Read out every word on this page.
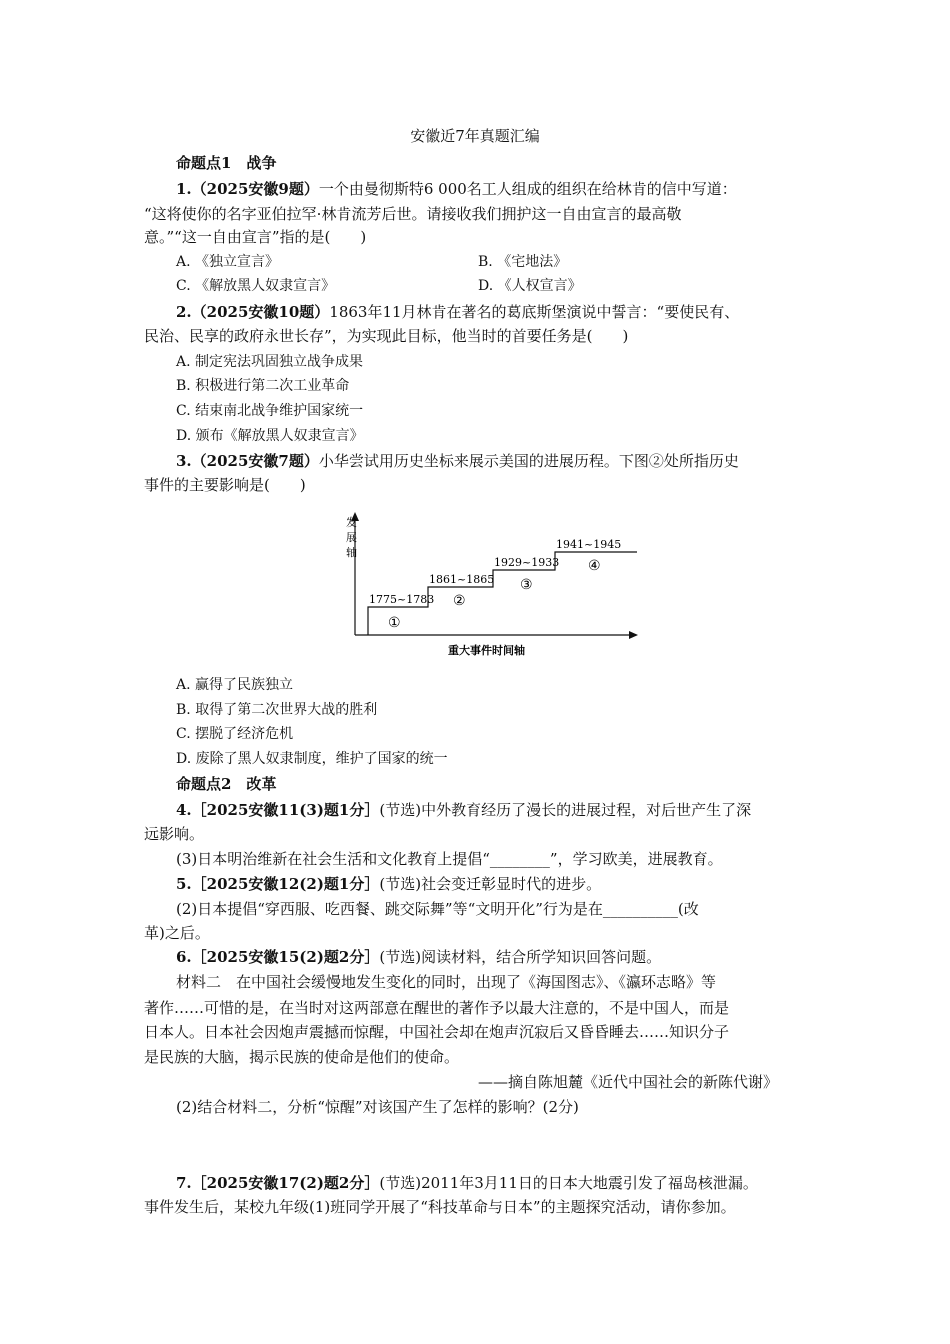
安徽近7年真题汇编
命题点1　战争
1.（2025安徽9题）一个由曼彻斯特6 000名工人组成的组织在给林肯的信中写道：
“这将使你的名字亚伯拉罕·林肯流芳后世。请接收我们拥护这一自由宣言的最高敬
意。”“这一自由宣言”指的是(　　)
A. 《独立宣言》	B. 《宅地法》
C. 《解放黑人奴隶宣言》	D. 《人权宣言》
2.（2025安徽10题）1863年11月林肯在著名的葛底斯堡演说中誓言：“要使民有、
民治、民享的政府永世长存”，为实现此目标，他当时的首要任务是(　　)
A. 制定宪法巩固独立战争成果
B. 积极进行第二次工业革命
C. 结束南北战争维护国家统一
D. 颁布《解放黑人奴隶宣言》
3.（2025安徽7题）小华尝试用历史坐标来展示美国的进展历程。下图②处所指历史
事件的主要影响是(　　)
发
展
轴
1775~1783
1861~1865
1929~1933
1941~1945
①
②
③
④
重大事件时间轴
A. 赢得了民族独立
B. 取得了第二次世界大战的胜利
C. 摆脱了经济危机
D. 废除了黑人奴隶制度，维护了国家的统一
命题点2　改革
4.［2025安徽11(3)题1分］(节选)中外教育经历了漫长的进展过程，对后世产生了深
远影响。
(3)日本明治维新在社会生活和文化教育上提倡“________”，学习欧美，进展教育。
5.［2025安徽12(2)题1分］(节选)社会变迁彰显时代的进步。
(2)日本提倡“穿西服、吃西餐、跳交际舞”等“文明开化”行为是在__________(改
革)之后。
6.［2025安徽15(2)题2分］(节选)阅读材料，结合所学知识回答问题。
材料二　在中国社会缓慢地发生变化的同时，出现了《海国图志》、《瀛环志略》等
著作……可惜的是，在当时对这两部意在醒世的著作予以最大注意的，不是中国人，而是
日本人。日本社会因炮声震撼而惊醒，中国社会却在炮声沉寂后又昏昏睡去……知识分子
是民族的大脑，揭示民族的使命是他们的使命。
——摘自陈旭麓《近代中国社会的新陈代谢》
(2)结合材料二，分析“惊醒”对该国产生了怎样的影响？(2分)
7.［2025安徽17(2)题2分］(节选)2011年3月11日的日本大地震引发了福岛核泄漏。
事件发生后，某校九年级(1)班同学开展了“科技革命与日本”的主题探究活动，请你参加。
